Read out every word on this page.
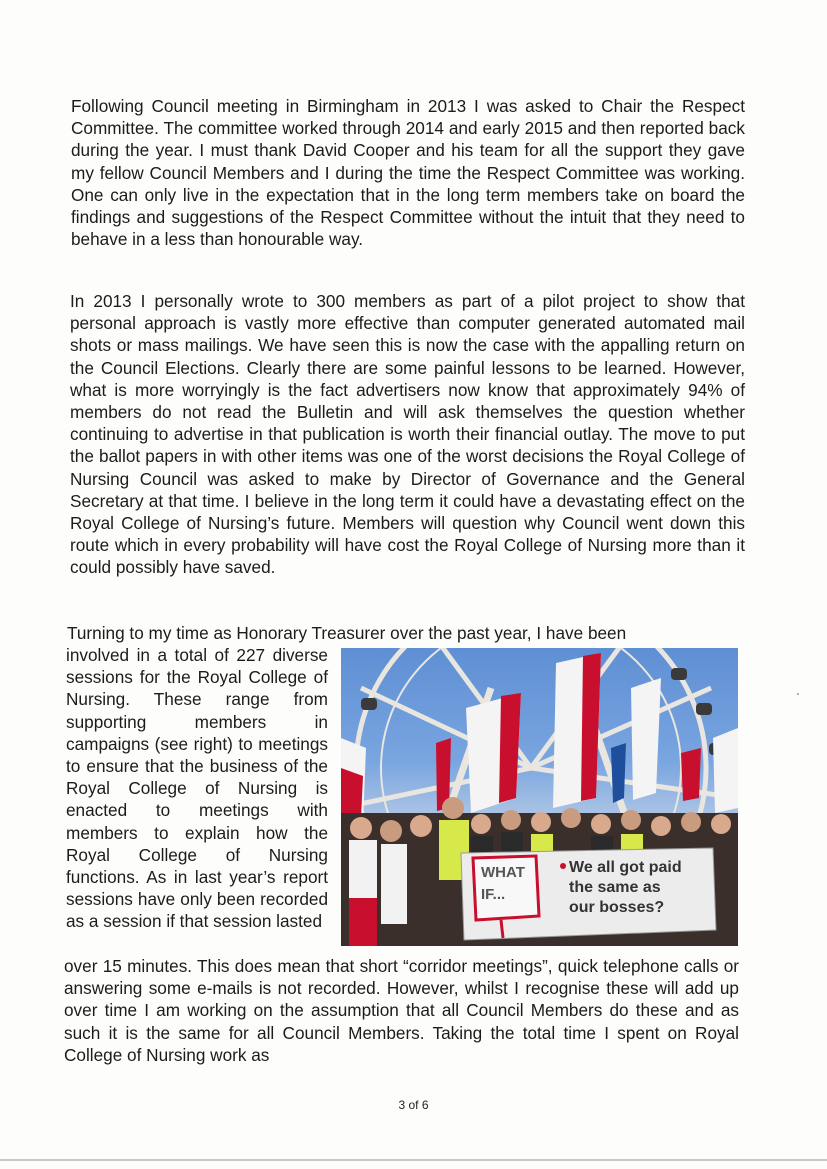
Following Council meeting in Birmingham in 2013 I was asked to Chair the Respect Committee. The committee worked through 2014 and early 2015 and then reported back during the year. I must thank David Cooper and his team for all the support they gave my fellow Council Members and I during the time the Respect Committee was working. One can only live in the expectation that in the long term members take on board the findings and suggestions of the Respect Committee without the intuit that they need to behave in a less than honourable way.

In 2013 I personally wrote to 300 members as part of a pilot project to show that personal approach is vastly more effective than computer generated automated mail shots or mass mailings. We have seen this is now the case with the appalling return on the Council Elections. Clearly there are some painful lessons to be learned. However, what is more worryingly is the fact advertisers now know that approximately 94% of members do not read the Bulletin and will ask themselves the question whether continuing to advertise in that publication is worth their financial outlay. The move to put the ballot papers in with other items was one of the worst decisions the Royal College of Nursing Council was asked to make by Director of Governance and the General Secretary at that time. I believe in the long term it could have a devastating effect on the Royal College of Nursing’s future. Members will question why Council went down this route which in every probability will have cost the Royal College of Nursing more than it could possibly have saved.

Turning to my time as Honorary Treasurer over the past year, I have been

involved in a total of 227 diverse sessions for the Royal College of Nursing. These range from supporting members in campaigns (see right) to meetings to ensure that the business of the Royal College of Nursing is enacted to meetings with members to explain how the Royal College of Nursing functions. As in last year’s report sessions have only been recorded as a session if that session lasted

WHAT IF...
We all got paid
the same as
our bosses?

over 15 minutes. This does mean that short “corridor meetings”, quick telephone calls or answering some e-mails is not recorded. However, whilst I recognise these will add up over time I am working on the assumption that all Council Members do these and as such it is the same for all Council Members. Taking the total time I spent on Royal College of Nursing work as

3 of 6
